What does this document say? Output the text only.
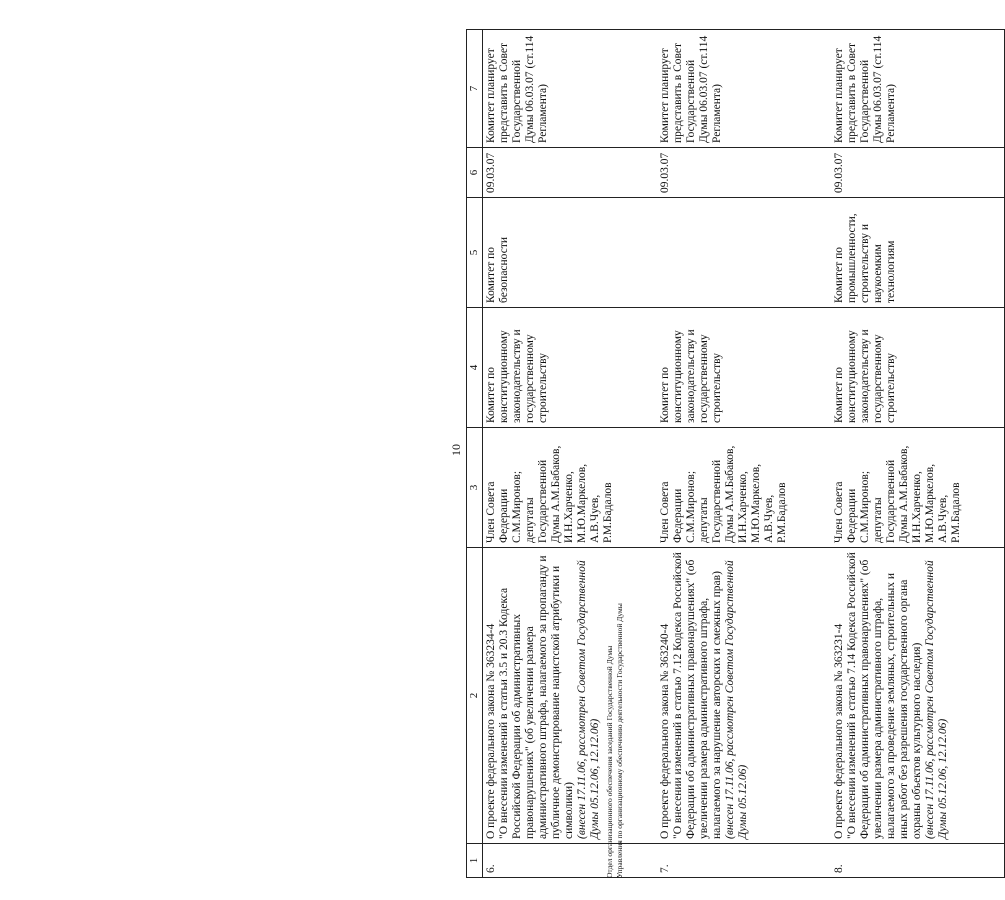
10
1	2	3	4	5	6	7
6.	О проекте федерального закона № 363234-4 "О внесении изменений в статьи 3.5 и 20.3 Кодекса Российской Федерации об административных правонарушениях" (об увеличении размера административного штрафа, налагаемого за пропаганду и публичное демонстрирование нацистской атрибутики и символики) (внесен 17.11.06, рассмотрен Советом Государственной Думы 05.12.06, 12.12.06)	Член Совета Федерации С.М.Миронов; депутаты Государственной Думы А.М.Бабаков, И.Н.Харченко, М.Ю.Маркелов, А.В.Чуев, Р.М.Бадалов	Комитет по конституционному законодательству и государственному строительству	Комитет по безопасности	09.03.07	Комитет планирует представить в Совет Государственной Думы 06.03.07 (ст.114 Регламента)
7.	О проекте федерального закона № 363240-4 "О внесении изменений в статью 7.12 Кодекса Российской Федерации об административных правонарушениях" (об увеличении размера административного штрафа, налагаемого за нарушение авторских и смежных прав) (внесен 17.11.06, рассмотрен Советом Государственной Думы 05.12.06)	Член Совета Федерации С.М.Миронов; депутаты Государственной Думы А.М.Бабаков, И.Н.Харченко, М.Ю.Маркелов, А.В.Чуев, Р.М.Бадалов	Комитет по конституционному законодательству и государственному строительству		09.03.07	Комитет планирует представить в Совет Государственной Думы 06.03.07 (ст.114 Регламента)
8.	О проекте федерального закона № 363231-4 "О внесении изменений в статью 7.14 Кодекса Российской Федерации об административных правонарушениях" (об увеличении размера административного штрафа, налагаемого за проведение земляных, строительных и иных работ без разрешения государственного органа охраны объектов культурного наследия) (внесен 17.11.06, рассмотрен Советом Государственной Думы 05.12.06, 12.12.06)	Член Совета Федерации С.М.Миронов; депутаты Государственной Думы А.М.Бабаков, И.Н.Харченко, М.Ю.Маркелов, А.В.Чуев, Р.М.Бадалов	Комитет по конституционному законодательству и государственному строительству	Комитет по промышленности, строительству и наукоемким технологиям	09.03.07	Комитет планирует представить в Совет Государственной Думы 06.03.07 (ст.114 Регламента)
Отдел организационного обеспечения заседаний Государственной Думы Управления по организационному обеспечению деятельности Государственной Думы
